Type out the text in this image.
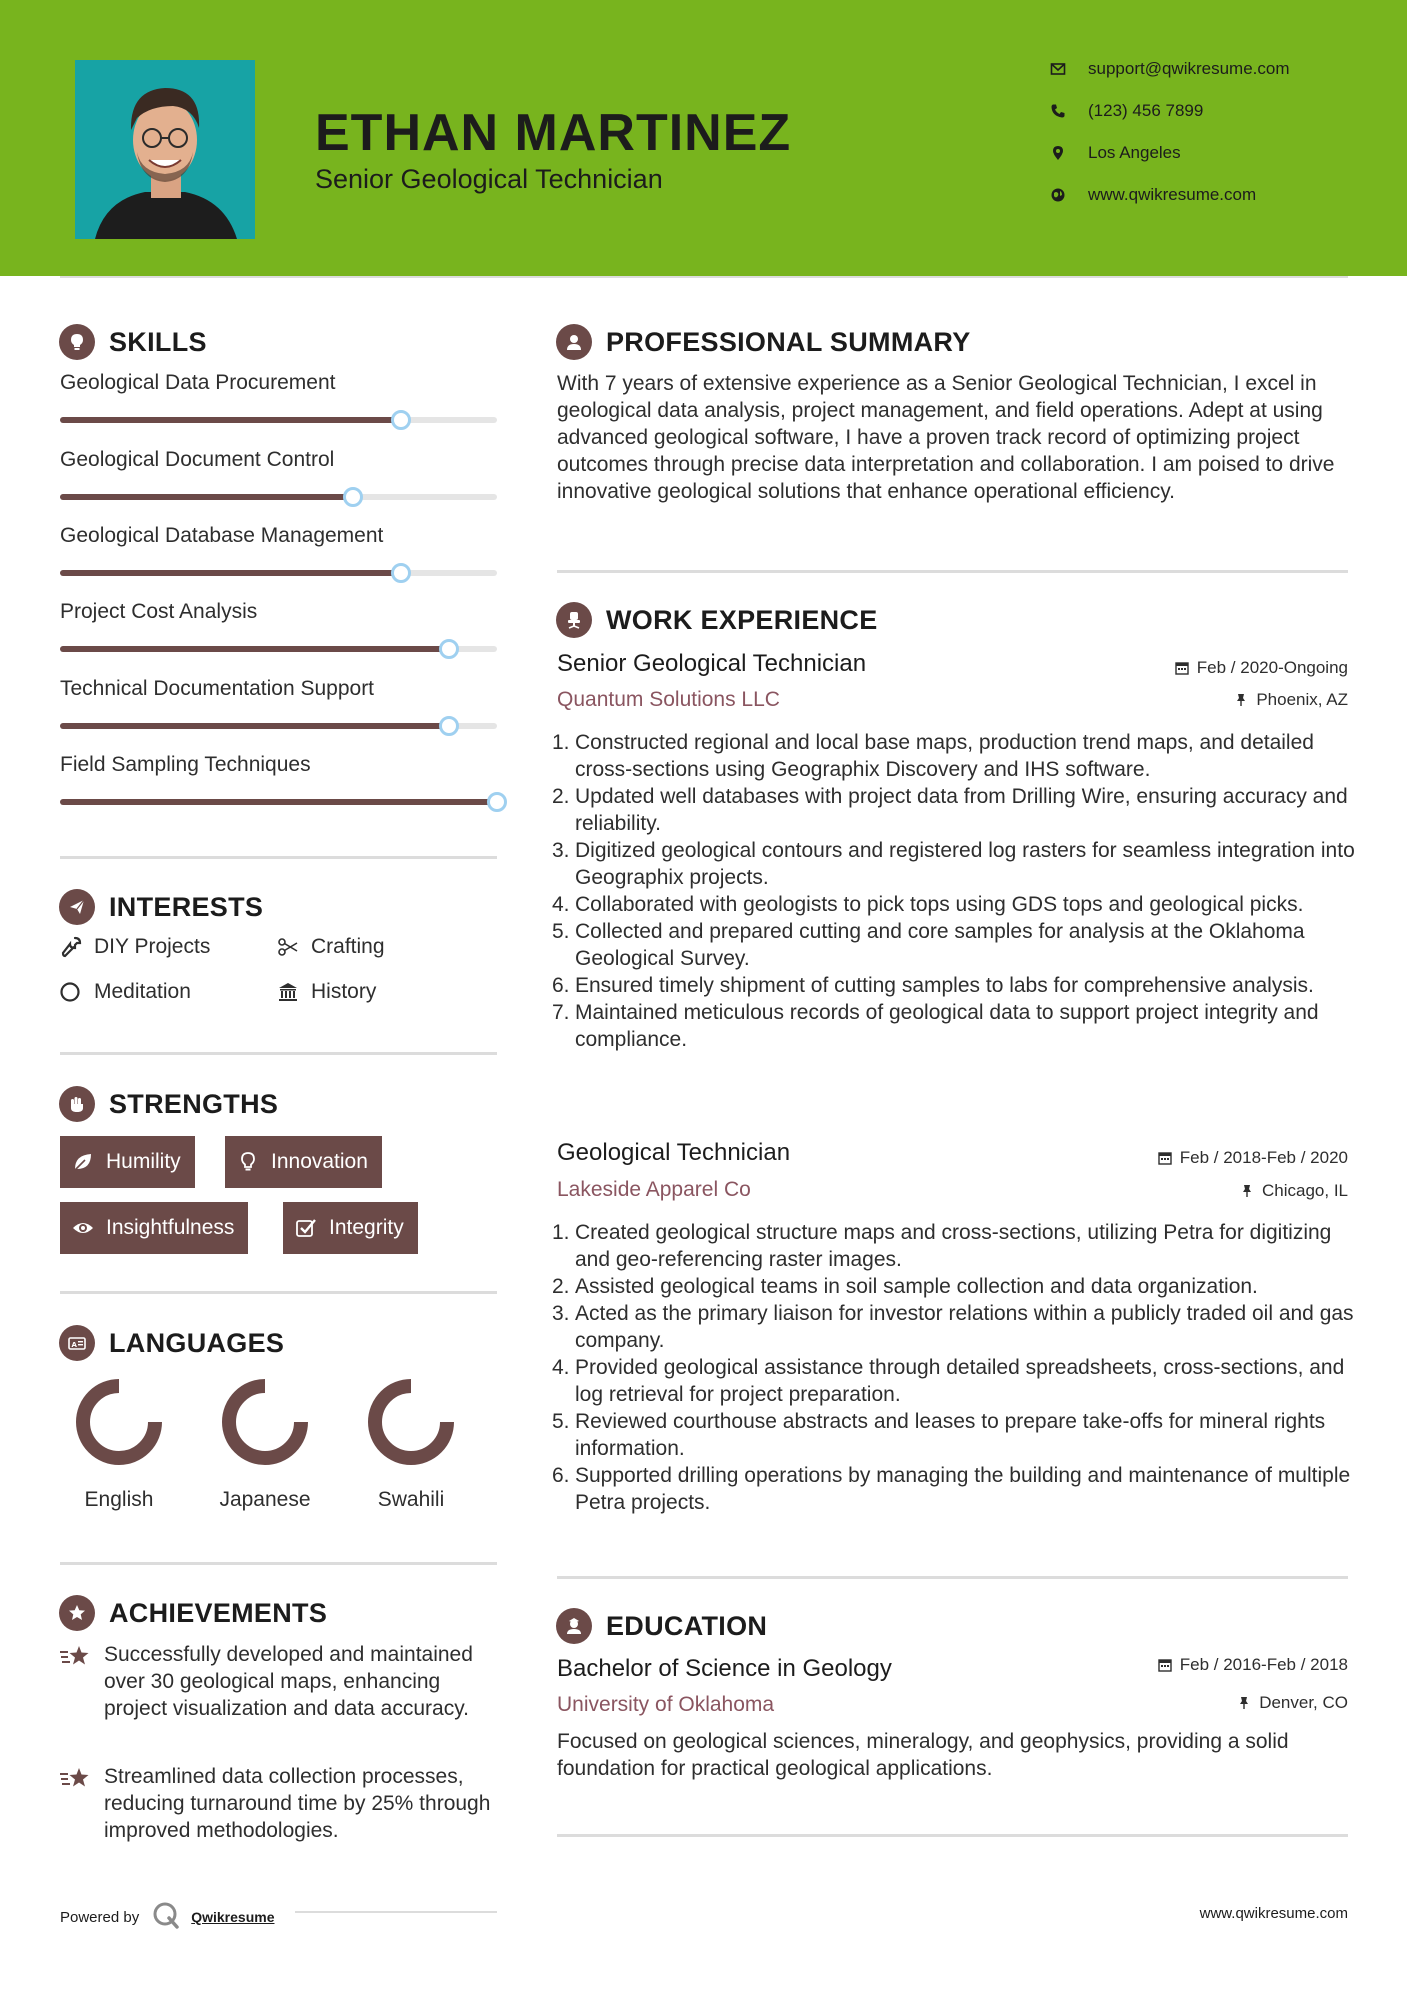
ETHAN MARTINEZ
Senior Geological Technician
support@qwikresume.com
(123) 456 7899
Los Angeles
www.qwikresume.com
SKILLS
Geological Data Procurement
Geological Document Control
Geological Database Management
Project Cost Analysis
Technical Documentation Support
Field Sampling Techniques
INTERESTS
DIY Projects	Crafting
Meditation	History
STRENGTHS
Humility	Innovation
Insightfulness	Integrity
A LANGUAGES
English	Japanese	Swahili
ACHIEVEMENTS
Successfully developed and maintained over 30 geological maps, enhancing project visualization and data accuracy.
Streamlined data collection processes, reducing turnaround time by 25% through improved methodologies.
Powered by	Qwikresume	www.qwikresume.com
PROFESSIONAL SUMMARY
With 7 years of extensive experience as a Senior Geological Technician, I excel in geological data analysis, project management, and field operations. Adept at using advanced geological software, I have a proven track record of optimizing project outcomes through precise data interpretation and collaboration. I am poised to drive innovative geological solutions that enhance operational efficiency.
WORK EXPERIENCE
Senior Geological Technician	Feb / 2020-Ongoing
Quantum Solutions LLC	Phoenix, AZ
1. Constructed regional and local base maps, production trend maps, and detailed cross-sections using Geographix Discovery and IHS software.
2. Updated well databases with project data from Drilling Wire, ensuring accuracy and reliability.
3. Digitized geological contours and registered log rasters for seamless integration into Geographix projects.
4. Collaborated with geologists to pick tops using GDS tops and geological picks.
5. Collected and prepared cutting and core samples for analysis at the Oklahoma Geological Survey.
6. Ensured timely shipment of cutting samples to labs for comprehensive analysis.
7. Maintained meticulous records of geological data to support project integrity and compliance.
Geological Technician	Feb / 2018-Feb / 2020
Lakeside Apparel Co	Chicago, IL
1. Created geological structure maps and cross-sections, utilizing Petra for digitizing and geo-referencing raster images.
2. Assisted geological teams in soil sample collection and data organization.
3. Acted as the primary liaison for investor relations within a publicly traded oil and gas company.
4. Provided geological assistance through detailed spreadsheets, cross-sections, and log retrieval for project preparation.
5. Reviewed courthouse abstracts and leases to prepare take-offs for mineral rights information.
6. Supported drilling operations by managing the building and maintenance of multiple Petra projects.
EDUCATION
Bachelor of Science in Geology	Feb / 2016-Feb / 2018
University of Oklahoma	Denver, CO
Focused on geological sciences, mineralogy, and geophysics, providing a solid foundation for practical geological applications.
